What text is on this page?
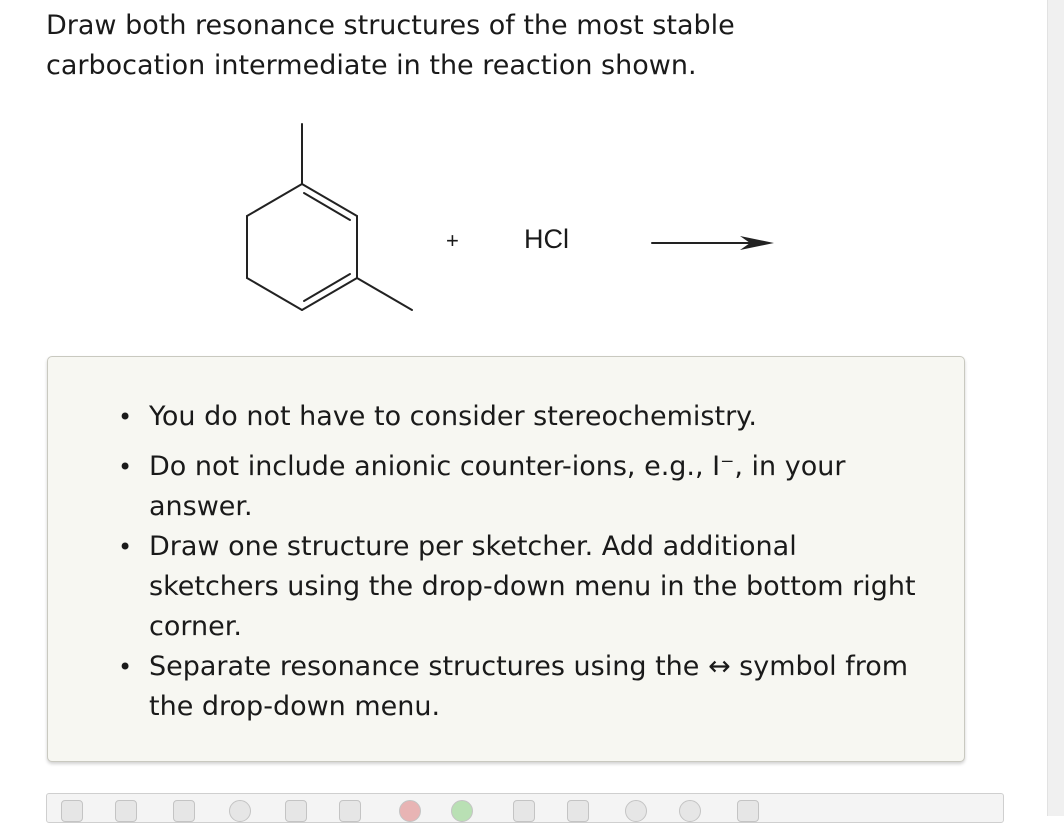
Draw both resonance structures of the most stable carbocation intermediate in the reaction shown.
+ HCl
• You do not have to consider stereochemistry.
• Do not include anionic counter-ions, e.g., I⁻, in your answer.
• Draw one structure per sketcher. Add additional sketchers using the drop-down menu in the bottom right corner.
• Separate resonance structures using the ↔ symbol from the drop-down menu.
